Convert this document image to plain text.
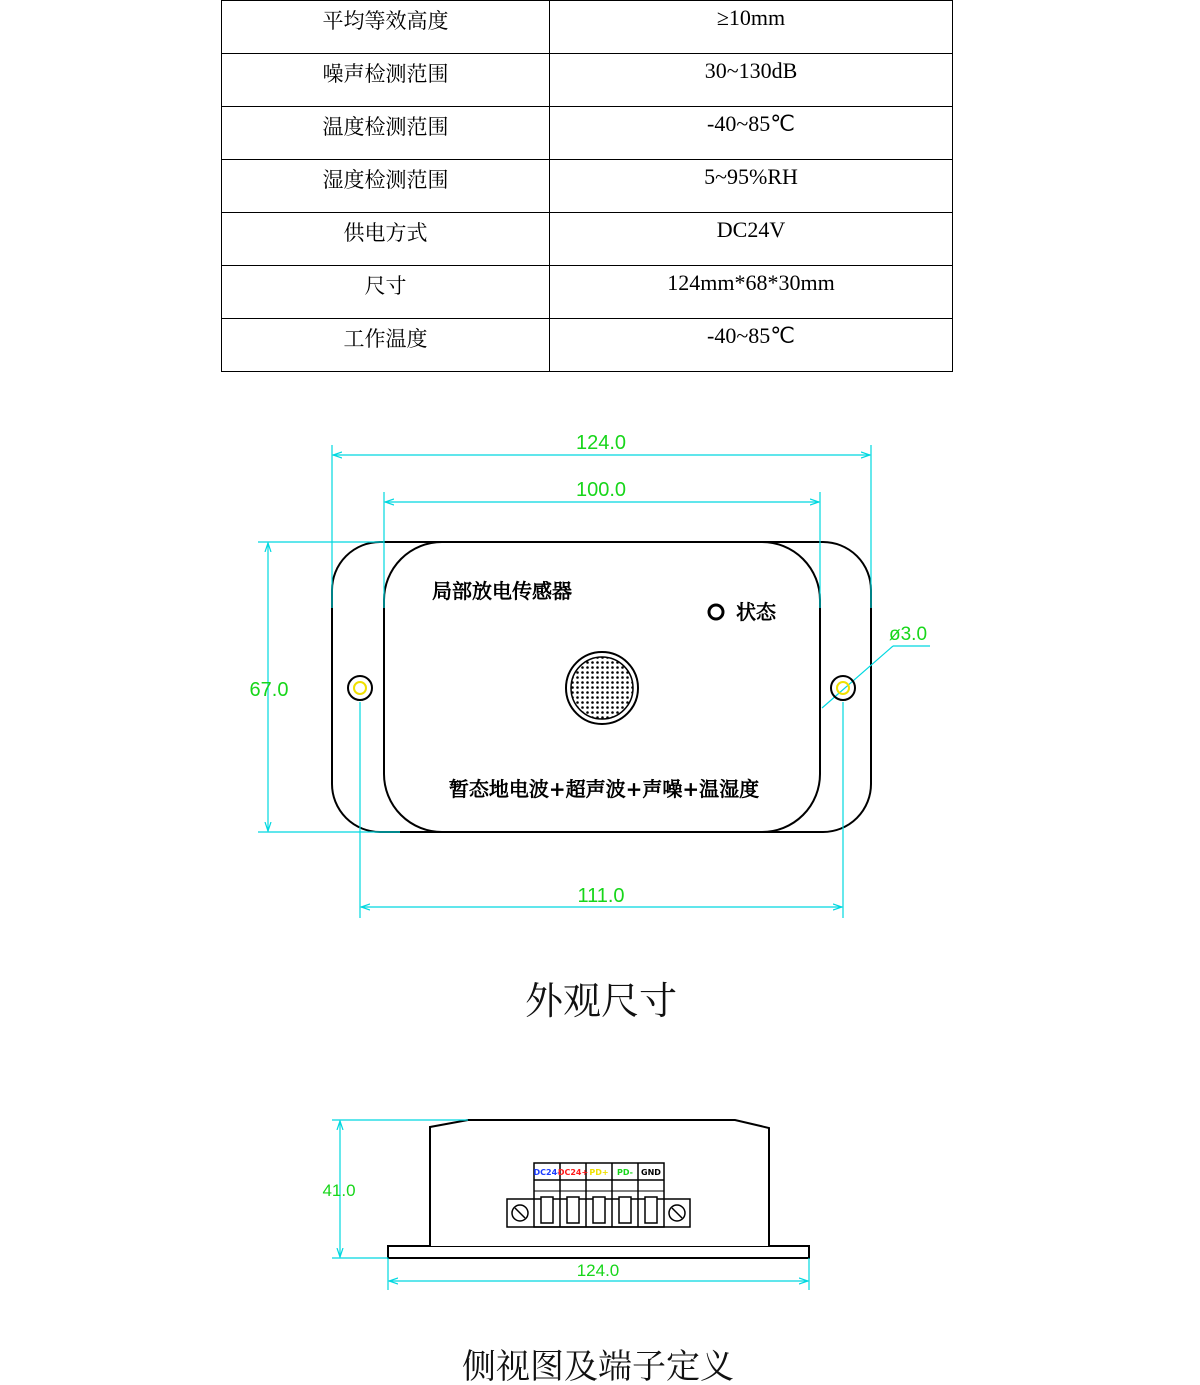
平均等效高度	≥10mm
噪声检测范围	30~130dB
温度检测范围	-40~85℃
湿度检测范围	5~95%RH
供电方式	DC24V
尺寸	124mm*68*30mm
工作温度	-40~85℃
局部放电传感器
状态
暂态地电波+超声波+声噪+温湿度
124.0
100.0
67.0
111.0
ø3.0
外观尺寸
DC24-
DC24+ PD+ PD- GND
41.0
124.0
侧视图及端子定义
